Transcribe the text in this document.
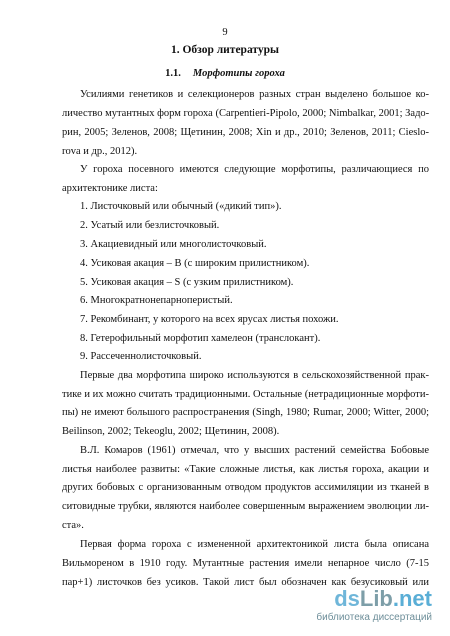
9
1. Обзор литературы
1.1. Морфотипы гороха
Усилиями генетиков и селекционеров разных стран выделено большое ко-
личество мутантных форм гороха (Carpentieri-Pipolo, 2000; Nimbalkar, 2001; Задо-
рин, 2005; Зеленов, 2008; Щетинин, 2008; Xin и др., 2010; Зеленов, 2011; Cieslo-
rova и др., 2012).
У гороха посевного имеются следующие морфотипы, различающиеся по
архитектонике листа:
1. Листочковый или обычный («дикий тип»).
2. Усатый или безлисточковый.
3. Акациевидный или многолисточковый.
4. Усиковая акация – В (с широким прилистником).
5. Усиковая акация – S (с узким прилистником).
6. Многократнонепарноперистый.
7. Рекомбинант, у которого на всех ярусах листья похожи.
8. Гетерофильный морфотип хамелеон (транслокант).
9. Рассеченнолисточковый.
Первые два морфотипа широко используются в сельскохозяйственной прак-
тике и их можно считать традиционными. Остальные (нетрадиционные морфоти-
пы) не имеют большого распространения (Singh, 1980; Rumar, 2000; Witter, 2000;
Beilinson, 2002; Tekeoglu, 2002; Щетинин, 2008).
В.Л. Комаров (1961) отмечал, что у высших растений семейства Бобовые
листья наиболее развиты: «Такие сложные листья, как листья гороха, акации и
других бобовых с организованным отводом продуктов ассимиляции из тканей в
ситовидные трубки, являются наиболее совершенным выражением эволюции ли-
ста».
Первая форма гороха с измененной архитектоникой листа была описана
Вильмореном в 1910 году. Мутантные растения имели непарное число (7-15
пар+1) листочков без усиков. Такой лист был обозначен как безусиковый или
dsLib.net
библиотека диссертаций
